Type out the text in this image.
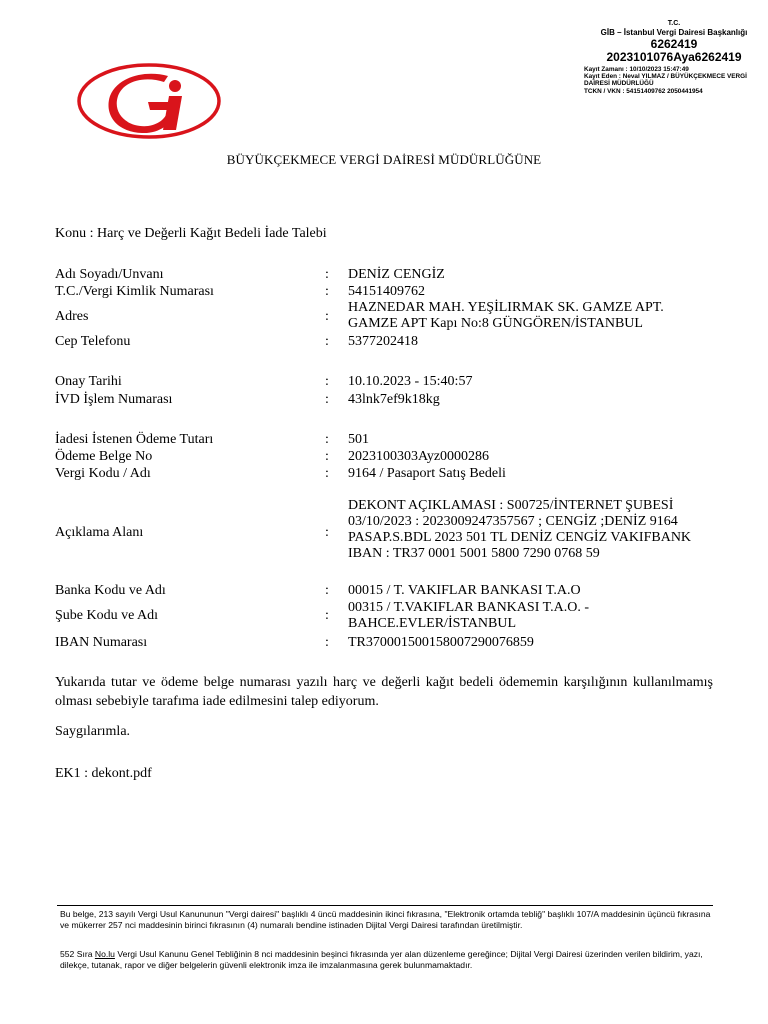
T.C.
GİB – İstanbul Vergi Dairesi Başkanlığı
6262419
2023101076Aya6262419
Kayıt Zamanı : 10/10/2023 15:47:49
Kayıt Eden : Neval YILMAZ / BÜYÜKÇEKMECE VERGİ
DAİRESİ MÜDÜRLÜĞÜ
TCKN / VKN : 54151409762 2050441954
BÜYÜKÇEKMECE VERGİ DAİRESİ MÜDÜRLÜĞÜNE
Konu : Harç ve Değerli Kağıt Bedeli İade Talebi
Adı Soyadı/Unvanı	: DENİZ CENGİZ
T.C./Vergi Kimlik Numarası	: 54151409762
Adres	:
HAZNEDAR MAH. YEŞİLIRMAK SK. GAMZE APT.
GAMZE APT Kapı No:8 GÜNGÖREN/İSTANBUL
Cep Telefonu	: 5377202418
Onay Tarihi	: 10.10.2023 - 15:40:57
İVD İşlem Numarası	: 43lnk7ef9k18kg
İadesi İstenen Ödeme Tutarı	: 501
Ödeme Belge No	: 2023100303Ayz0000286
Vergi Kodu / Adı	: 9164 / Pasaport Satış Bedeli
Açıklama Alanı	:
DEKONT AÇIKLAMASI : S00725/İNTERNET ŞUBESİ
03/10/2023 : 2023009247357567 ; CENGİZ ;DENİZ 9164
PASAP.S.BDL 2023 501 TL DENİZ CENGİZ VAKIFBANK
IBAN : TR37 0001 5001 5800 7290 0768 59
Banka Kodu ve Adı	: 00015 / T. VAKIFLAR BANKASI T.A.O
Şube Kodu ve Adı	:
00315 / T.VAKIFLAR BANKASI T.A.O. -
BAHCE.EVLER/İSTANBUL
IBAN Numarası	: TR370001500158007290076859
Yukarıda tutar ve ödeme belge numarası yazılı harç ve değerli kağıt bedeli ödememin karşılığının kullanılmamış olması sebebiyle tarafıma iade edilmesini talep ediyorum.
Saygılarımla.
EK1 : dekont.pdf
Bu belge, 213 sayılı Vergi Usul Kanununun "Vergi dairesi" başlıklı 4 üncü maddesinin ikinci fıkrasına, "Elektronik ortamda tebliğ" başlıklı 107/A maddesinin üçüncü fıkrasına ve mükerrer 257 nci maddesinin birinci fıkrasının (4) numaralı bendine istinaden Dijital Vergi Dairesi tarafından üretilmiştir.
552 Sıra No.lu Vergi Usul Kanunu Genel Tebliğinin 8 nci maddesinin beşinci fıkrasında yer alan düzenleme gereğince; Dijital Vergi Dairesi üzerinden verilen bildirim, yazı, dilekçe, tutanak, rapor ve diğer belgelerin güvenli elektronik imza ile imzalanmasına gerek bulunmamaktadır.
